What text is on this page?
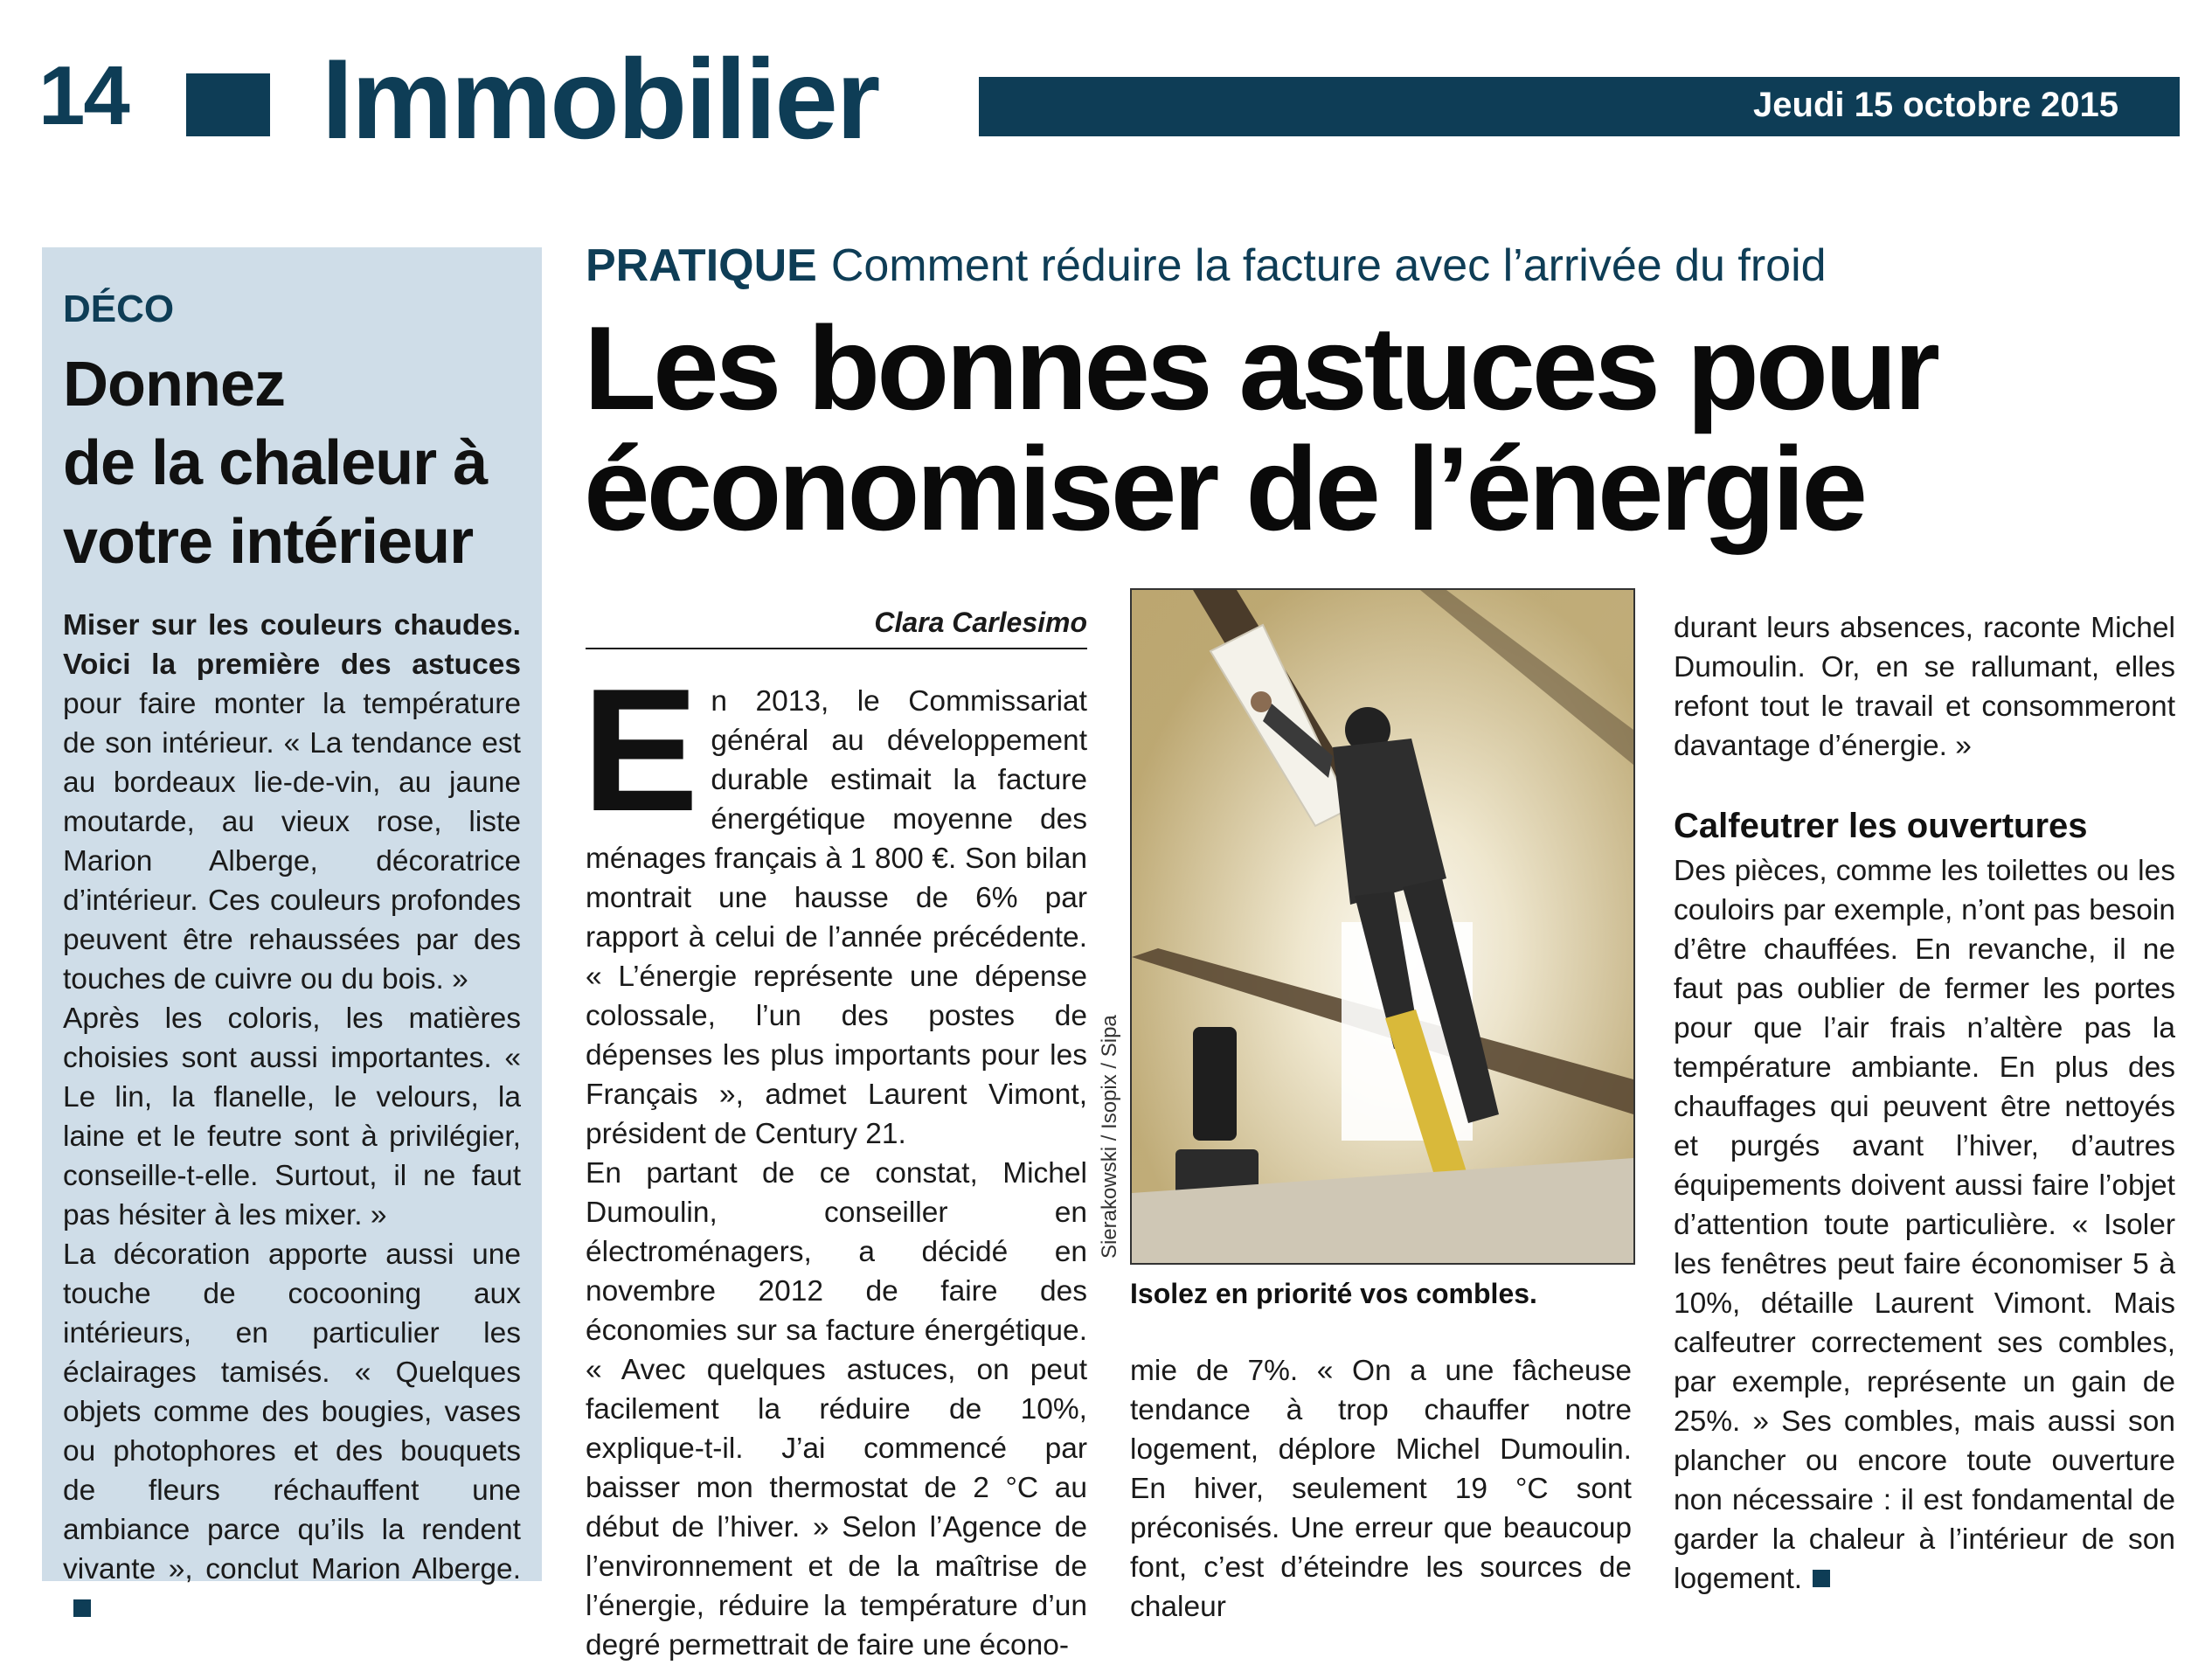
14 Immobilier	Jeudi 15 octobre 2015
DÉCO
Donnez
de la chaleur à
votre intérieur
Miser sur les couleurs chaudes. Voici la première des astuces pour faire monter la température de son intérieur. « La tendance est au bordeaux lie-de-vin, au jaune moutarde, au vieux rose, liste Marion Alberge, décoratrice d’intérieur. Ces couleurs profondes peuvent être rehaussées par des touches de cuivre ou du bois. »
Après les coloris, les matières choisies sont aussi importantes. « Le lin, la flanelle, le velours, la laine et le feutre sont à privilégier, conseille-t-elle. Surtout, il ne faut pas hésiter à les mixer. »
La décoration apporte aussi une touche de cocooning aux intérieurs, en particulier les éclairages tamisés. « Quelques objets comme des bougies, vases ou photophores et des bouquets de fleurs réchauffent une ambiance parce qu’ils la rendent vivante », conclut Marion Alberge.
PRATIQUE Comment réduire la facture avec l’arrivée du froid
Les bonnes astuces pour
économiser de l’énergie
Clara Carlesimo
E n 2013, le Commissariat général au développement durable estimait la facture énergétique moyenne des ménages français à 1 800 €. Son bilan montrait une hausse de 6% par rapport à celui de l’année précédente. « L’énergie représente une dépense colossale, l’un des postes de dépenses les plus importants pour les Français », admet Laurent Vimont, président de Century 21.

En partant de ce constat, Michel Dumoulin, conseiller en électroménagers, a décidé en novembre 2012 de faire des économies sur sa facture énergétique. « Avec quelques astuces, on peut facilement la réduire de 10%, explique-t-il. J’ai commencé par baisser mon thermostat de 2 °C au début de l’hiver. » Selon l’Agence de l’environnement et de la maîtrise de l’énergie, réduire la température d’un degré permettrait de faire une écono-

Sierakowski / Isopix / Sipa
Isolez en priorité vos combles.

mie de 7%. « On a une fâcheuse tendance à trop chauffer notre logement, déplore Michel Dumoulin. En hiver, seulement 19 °C sont préconisés. Une erreur que beaucoup font, c’est d’éteindre les sources de chaleur

durant leurs absences, raconte Michel Dumoulin. Or, en se rallumant, elles refont tout le travail et consommeront davantage d’énergie. »

Calfeutrer les ouvertures

Des pièces, comme les toilettes ou les couloirs par exemple, n’ont pas besoin d’être chauffées. En revanche, il ne faut pas oublier de fermer les portes pour que l’air frais n’altère pas la température ambiante. En plus des chauffages qui peuvent être nettoyés et purgés avant l’hiver, d’autres équipements doivent aussi faire l’objet d’attention toute particulière. « Isoler les fenêtres peut faire économiser 5 à 10%, détaille Laurent Vimont. Mais calfeutrer correctement ses combles, par exemple, représente un gain de 25%. » Ses combles, mais aussi son plancher ou encore toute ouverture non nécessaire : il est fondamental de garder la chaleur à l’intérieur de son logement.
